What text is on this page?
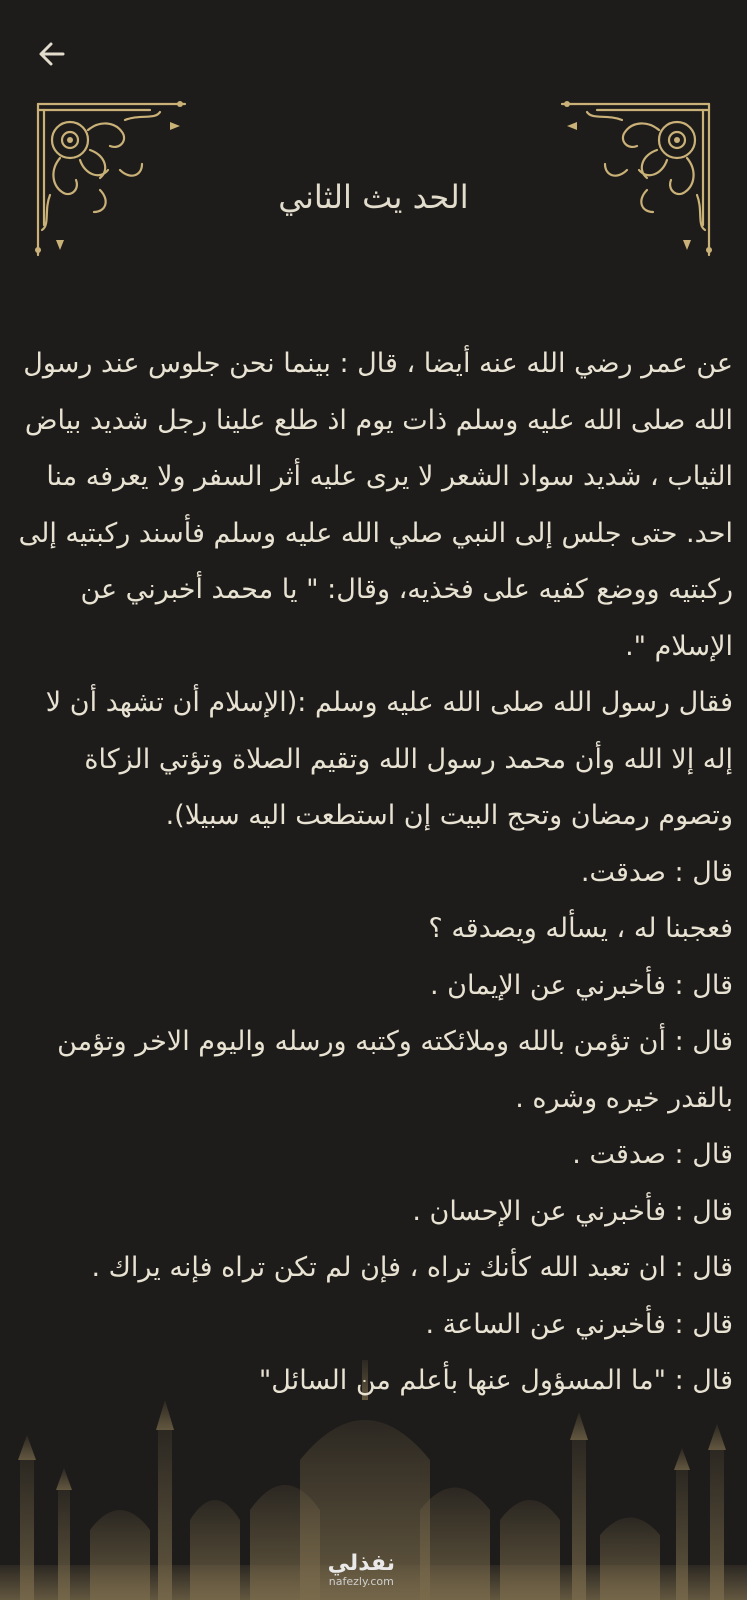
الحد يث الثاني

عن عمر رضي الله عنه أيضا ، قال : بينما نحن جلوس عند رسول الله صلى الله عليه وسلم ذات يوم اذ طلع علينا رجل شديد بياض الثياب ، شديد سواد الشعر لا يرى عليه أثر السفر ولا يعرفه منا احد. حتى جلس إلى النبي صلي الله عليه وسلم فأسند ركبتيه إلى ركبتيه ووضع كفيه على فخذيه، وقال: " يا محمد أخبرني عن الإسلام ".

فقال رسول الله صلى الله عليه وسلم :(الإسلام أن تشهد أن لا إله إلا الله وأن محمد رسول الله وتقيم الصلاة وتؤتي الزكاة وتصوم رمضان وتحج البيت إن استطعت اليه سبيلا).

قال : صدقت.

فعجبنا له ، يسأله ويصدقه ؟

قال : فأخبرني عن الإيمان .

قال : أن تؤمن بالله وملائكته وكتبه ورسله واليوم الاخر وتؤمن بالقدر خيره وشره .

قال : صدقت .

قال : فأخبرني عن الإحسان .

قال : ان تعبد الله كأنك تراه ، فإن لم تكن تراه فإنه يراك .

قال : فأخبرني عن الساعة .

قال : "ما المسؤول عنها بأعلم من السائل"

نفذلي
nafezly.com
